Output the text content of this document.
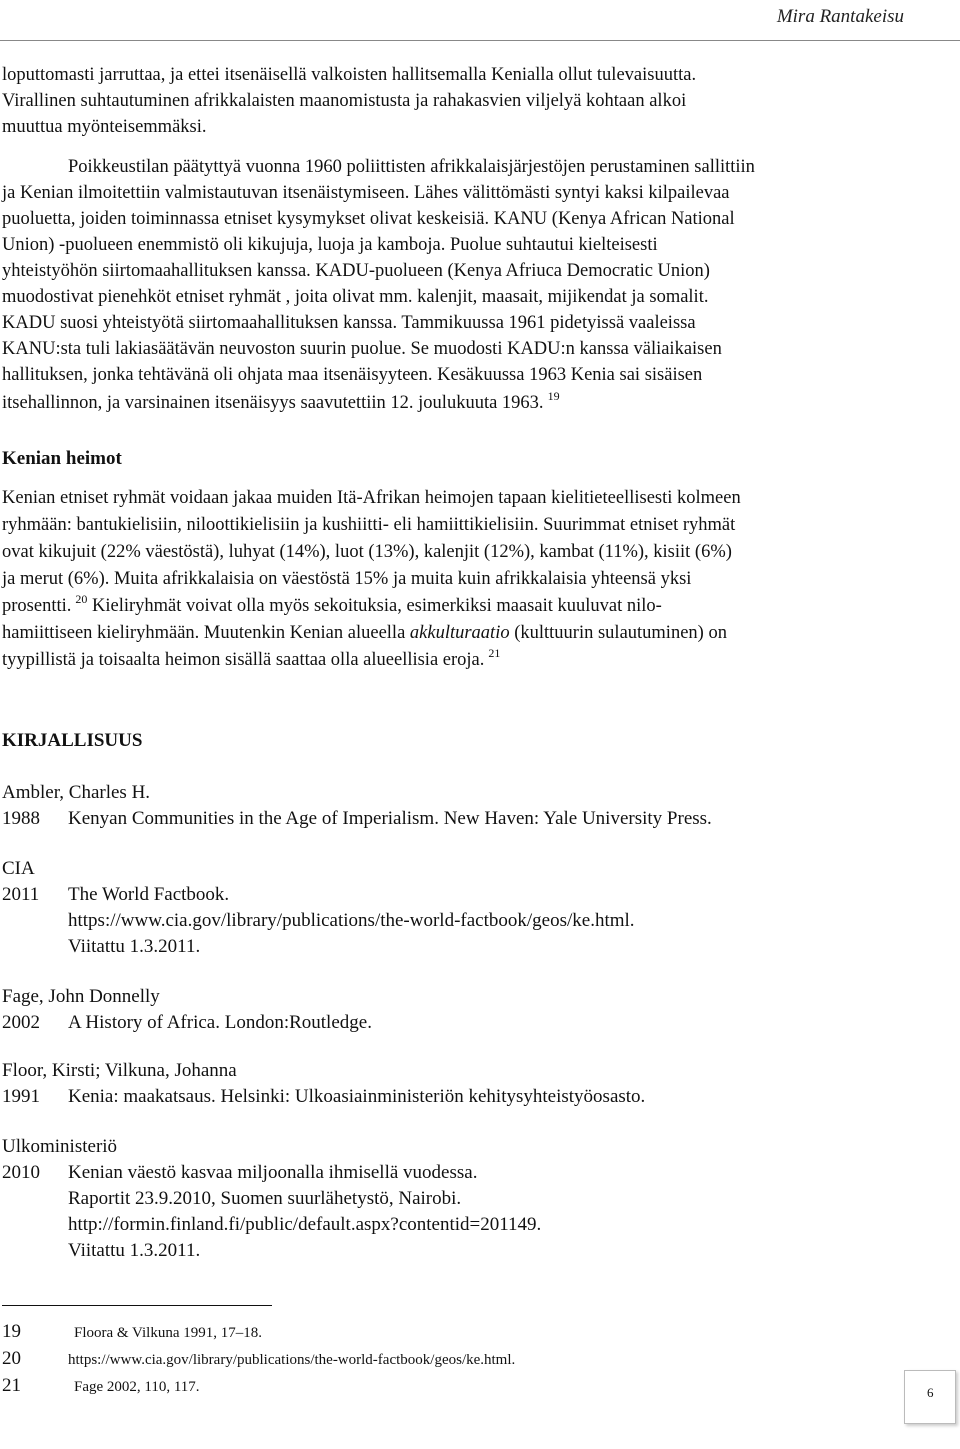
Mira Rantakeisu
loputtomasti jarruttaa, ja ettei itsenäisellä valkoisten hallitsemalla Kenialla ollut tulevaisuutta.
Virallinen suhtautuminen afrikkalaisten maanomistusta ja rahakasvien viljelyä kohtaan alkoi
muuttua myönteisemmäksi.
Poikkeustilan päätyttyä vuonna 1960 poliittisten afrikkalaisjärjestöjen perustaminen sallittiin
ja Kenian ilmoitettiin valmistautuvan itsenäistymiseen. Lähes välittömästi syntyi kaksi kilpailevaa
puoluetta, joiden toiminnassa etniset kysymykset olivat keskeisiä. KANU (Kenya African National
Union) -puolueen enemmistö oli kikujuja, luoja ja kamboja. Puolue suhtautui kielteisesti
yhteistyöhön siirtomaahallituksen kanssa. KADU-puolueen (Kenya Afriuca Democratic Union)
muodostivat pienehköt etniset ryhmät , joita olivat mm. kalenjit, maasait, mijikendat ja somalit.
KADU suosi yhteistyötä siirtomaahallituksen kanssa. Tammikuussa 1961 pidetyissä vaaleissa
KANU:sta tuli lakiasäätävän neuvoston suurin puolue. Se muodosti KADU:n kanssa väliaikaisen
hallituksen, jonka tehtävänä oli ohjata maa itsenäisyyteen. Kesäkuussa 1963 Kenia sai sisäisen
itsehallinnon, ja varsinainen itsenäisyys saavutettiin 12. joulukuuta 1963. $^{19}$
Kenian heimot
Kenian etniset ryhmät voidaan jakaa muiden Itä-Afrikan heimojen tapaan kielitieteellisesti kolmeen
ryhmään: bantukielisiin, niloottikielisiin ja kushiitti- eli hamiittikielisiin. Suurimmat etniset ryhmät
ovat kikujuit (22% väestöstä), luhyat (14%), luot (13%), kalenjit (12%), kambat (11%), kisiit (6%)
ja merut (6%). Muita afrikkalaisia on väestöstä 15% ja muita kuin afrikkalaisia yhteensä yksi
prosentti. $^{20}$ Kieliryhmät voivat olla myös sekoituksia, esimerkiksi maasait kuuluvat nilo-
hamiittiseen kieliryhmään. Muutenkin Kenian alueella akkulturaatio (kulttuurin sulautuminen) on
tyypillistä ja toisaalta heimon sisällä saattaa olla alueellisia eroja. $^{21}$
KIRJALLISUUS
Ambler, Charles H.
1988 Kenyan Communities in the Age of Imperialism. New Haven: Yale University Press.
CIA
2011 The World Factbook.
https://www.cia.gov/library/publications/the-world-factbook/geos/ke.html.
Viitattu 1.3.2011.
Fage, John Donnelly
2002 A History of Africa. London:Routledge.
Floor, Kirsti; Vilkuna, Johanna
1991 Kenia: maakatsaus. Helsinki: Ulkoasiainministeriön kehitysyhteistyöosasto.
Ulkoministeriö
2010 Kenian väestö kasvaa miljoonalla ihmisellä vuodessa.
Raportit 23.9.2010, Suomen suurlähetystö, Nairobi.
http://formin.finland.fi/public/default.aspx?contentid=201149.
Viitattu 1.3.2011.
19	Floora & Vilkuna 1991, 17–18.
20	https://www.cia.gov/library/publications/the-world-factbook/geos/ke.html.
21	Fage 2002, 110, 117.	6
